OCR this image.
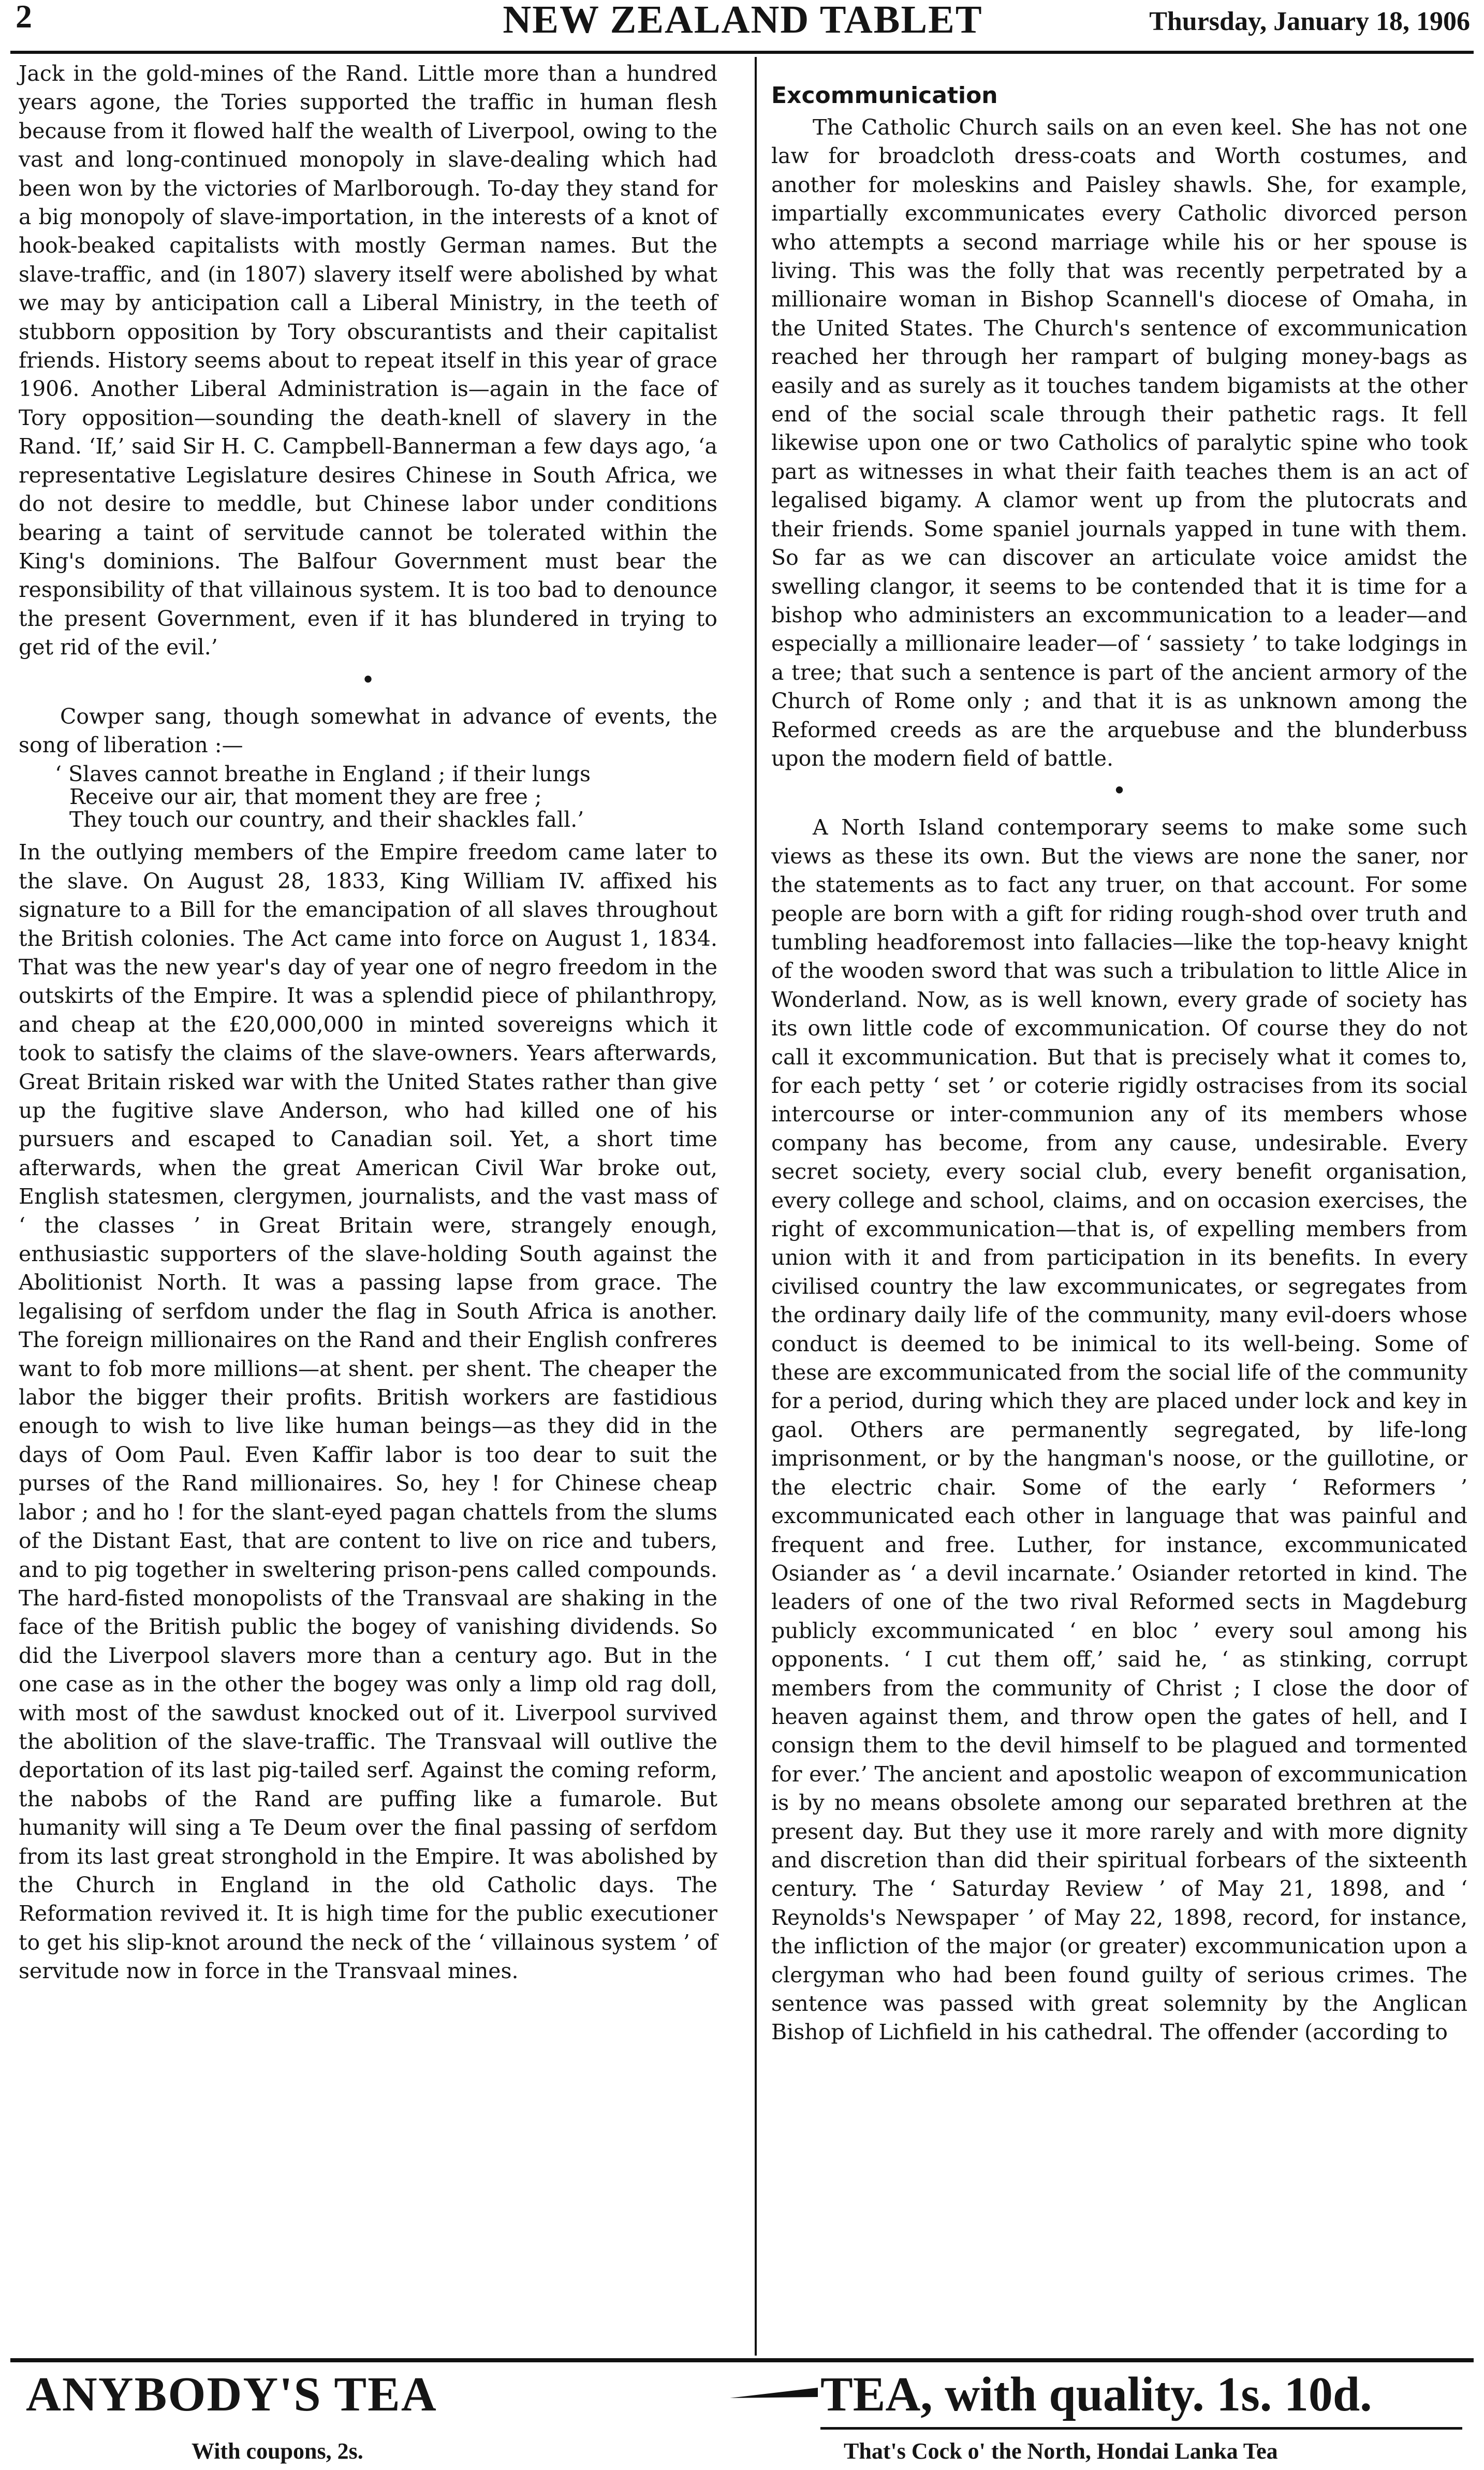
2	NEW ZEALAND TABLET	Thursday, January 18, 1906

Jack in the gold-mines of the Rand. Little more than a hundred years agone, the Tories supported the traffic in human flesh because from it flowed half the wealth of Liverpool, owing to the vast and long-continued monopoly in slave-dealing which had been won by the victories of Marlborough. To-day they stand for a big monopoly of slave-importation, in the interests of a knot of hook-beaked capitalists with mostly German names. But the slave-traffic, and (in 1807) slavery itself were abolished by what we may by anticipation call a Liberal Ministry, in the teeth of stubborn opposition by Tory obscurantists and their capitalist friends. History seems about to repeat itself in this year of grace 1906. Another Liberal Administration is—again in the face of Tory opposition—sounding the death-knell of slavery in the Rand. ‘If,’ said Sir H. C. Campbell-Bannerman a few days ago, ‘a representative Legislature desires Chinese in South Africa, we do not desire to meddle, but Chinese labor under conditions bearing a taint of servitude cannot be tolerated within the King's dominions. The Balfour Government must bear the responsibility of that villainous system. It is too bad to denounce the present Government, even if it has blundered in trying to get rid of the evil.’

•

Cowper sang, though somewhat in advance of events, the song of liberation :—

‘ Slaves cannot breathe in England ; if their lungs
Receive our air, that moment they are free ;
They touch our country, and their shackles fall.’

In the outlying members of the Empire freedom came later to the slave. On August 28, 1833, King William IV. affixed his signature to a Bill for the emancipation of all slaves throughout the British colonies. The Act came into force on August 1, 1834. That was the new year's day of year one of negro freedom in the outskirts of the Empire. It was a splendid piece of philanthropy, and cheap at the £20,000,000 in minted sovereigns which it took to satisfy the claims of the slave-owners. Years afterwards, Great Britain risked war with the United States rather than give up the fugitive slave Anderson, who had killed one of his pursuers and escaped to Canadian soil. Yet, a short time afterwards, when the great American Civil War broke out, English statesmen, clergymen, journalists, and the vast mass of ‘ the classes ’ in Great Britain were, strangely enough, enthusiastic supporters of the slave-holding South against the Abolitionist North. It was a passing lapse from grace. The legalising of serfdom under the flag in South Africa is another. The foreign millionaires on the Rand and their English confreres want to fob more millions—at shent. per shent. The cheaper the labor the bigger their profits. British workers are fastidious enough to wish to live like human beings—as they did in the days of Oom Paul. Even Kaffir labor is too dear to suit the purses of the Rand millionaires. So, hey ! for Chinese cheap labor ; and ho ! for the slant-eyed pagan chattels from the slums of the Distant East, that are content to live on rice and tubers, and to pig together in sweltering prison-pens called compounds. The hard-fisted monopolists of the Transvaal are shaking in the face of the British public the bogey of vanishing dividends. So did the Liverpool slavers more than a century ago. But in the one case as in the other the bogey was only a limp old rag doll, with most of the sawdust knocked out of it. Liverpool survived the abolition of the slave-traffic. The Transvaal will outlive the deportation of its last pig-tailed serf. Against the coming reform, the nabobs of the Rand are puffing like a fumarole. But humanity will sing a Te Deum over the final passing of serfdom from its last great stronghold in the Empire. It was abolished by the Church in England in the old Catholic days. The Reformation revived it. It is high time for the public executioner to get his slip-knot around the neck of the ‘ villainous system ’ of servitude now in force in the Transvaal mines.

Excommunication

The Catholic Church sails on an even keel. She has not one law for broadcloth dress-coats and Worth costumes, and another for moleskins and Paisley shawls. She, for example, impartially excommunicates every Catholic divorced person who attempts a second marriage while his or her spouse is living. This was the folly that was recently perpetrated by a millionaire woman in Bishop Scannell's diocese of Omaha, in the United States. The Church's sentence of excommunication reached her through her rampart of bulging money-bags as easily and as surely as it touches tandem bigamists at the other end of the social scale through their pathetic rags. It fell likewise upon one or two Catholics of paralytic spine who took part as witnesses in what their faith teaches them is an act of legalised bigamy. A clamor went up from the plutocrats and their friends. Some spaniel journals yapped in tune with them. So far as we can discover an articulate voice amidst the swelling clangor, it seems to be contended that it is time for a bishop who administers an excommunication to a leader—and especially a millionaire leader—of ‘ sassiety ’ to take lodgings in a tree; that such a sentence is part of the ancient armory of the Church of Rome only ; and that it is as unknown among the Reformed creeds as are the arquebuse and the blunderbuss upon the modern field of battle.

•

A North Island contemporary seems to make some such views as these its own. But the views are none the saner, nor the statements as to fact any truer, on that account. For some people are born with a gift for riding rough-shod over truth and tumbling headforemost into fallacies—like the top-heavy knight of the wooden sword that was such a tribulation to little Alice in Wonderland. Now, as is well known, every grade of society has its own little code of excommunication. Of course they do not call it excommunication. But that is precisely what it comes to, for each petty ‘ set ’ or coterie rigidly ostracises from its social intercourse or inter-communion any of its members whose company has become, from any cause, undesirable. Every secret society, every social club, every benefit organisation, every college and school, claims, and on occasion exercises, the right of excommunication—that is, of expelling members from union with it and from participation in its benefits. In every civilised country the law excommunicates, or segregates from the ordinary daily life of the community, many evil-doers whose conduct is deemed to be inimical to its well-being. Some of these are excommunicated from the social life of the community for a period, during which they are placed under lock and key in gaol. Others are permanently segregated, by life-long imprisonment, or by the hangman's noose, or the guillotine, or the electric chair. Some of the early ‘ Reformers ’ excommunicated each other in language that was painful and frequent and free. Luther, for instance, excommunicated Osiander as ‘ a devil incarnate.’ Osiander retorted in kind. The leaders of one of the two rival Reformed sects in Magdeburg publicly excommunicated ‘ en bloc ’ every soul among his opponents. ‘ I cut them off,’ said he, ‘ as stinking, corrupt members from the community of Christ ; I close the door of heaven against them, and throw open the gates of hell, and I consign them to the devil himself to be plagued and tormented for ever.’ The ancient and apostolic weapon of excommunication is by no means obsolete among our separated brethren at the present day. But they use it more rarely and with more dignity and discretion than did their spiritual forbears of the sixteenth century. The ‘ Saturday Review ’ of May 21, 1898, and ‘ Reynolds's Newspaper ’ of May 22, 1898, record, for instance, the infliction of the major (or greater) excommunication upon a clergyman who had been found guilty of serious crimes. The sentence was passed with great solemnity by the Anglican Bishop of Lichfield in his cathedral. The offender (according to

ANYBODY'S TEA
With coupons, 2s.
TEA, with quality. 1s. 10d.
That's Cock o' the North, Hondai Lanka Tea
